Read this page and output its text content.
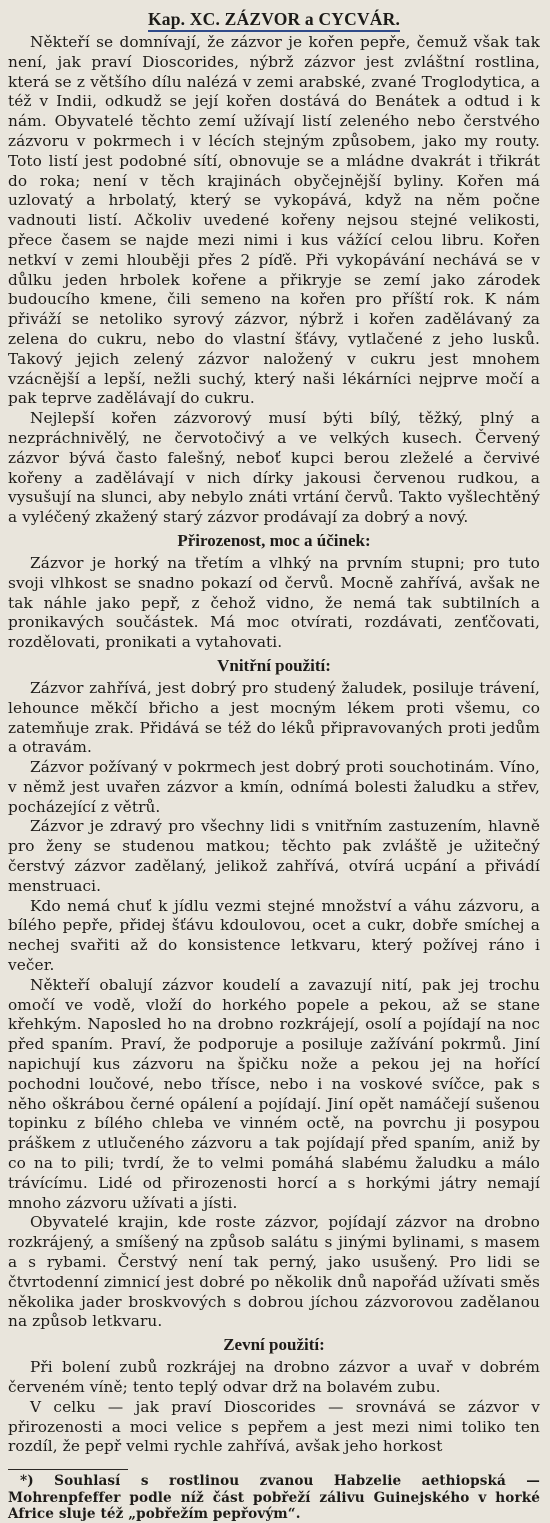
Kap. XC. ZÁZVOR a CYCVÁR.

Někteří se domnívají, že zázvor je kořen pepře, čemuž však tak není, jak praví Dioscorides, nýbrž zázvor jest zvláštní rostlina, která se z většího dílu nalézá v zemi arabské, zvané Troglodytica, a též v Indii, odkudž se její kořen dostává do Benátek a odtud i k nám. Obyvatelé těchto zemí užívají listí zeleného nebo čerstvého zázvoru v pokrmech i v lécích stejným způsobem, jako my routy. Toto listí jest podobné sítí, obnovuje se a mládne dvakrát i třikrát do roka; není v těch krajinách obyčejnější byliny. Kořen má uzlovatý a hrbolatý, který se vykopává, když na něm počne vadnouti listí. Ačkoliv uvedené kořeny nejsou stejné velikosti, přece časem se najde mezi nimi i kus vážící celou libru. Kořen netkví v zemi hlouběji přes 2 píďě. Při vykopávání nechává se v důlku jeden hrbolek kořene a přikryje se zemí jako zárodek budoucího kmene, čili semeno na kořen pro příští rok. K nám přiváží se netoliko syrový zázvor, nýbrž i kořen zadělávaný za zelena do cukru, nebo do vlastní šťávy, vytlačené z jeho lusků. Takový jejich zelený zázvor naložený v cukru jest mnohem vzácnější a lepší, nežli suchý, který naši lékárníci nejprve močí a pak teprve zadělávají do cukru.

Nejlepší kořen zázvorový musí býti bílý, těžký, plný a nezpráchnivělý, ne červotočivý a ve velkých kusech. Červený zázvor bývá často falešný, neboť kupci berou zleželé a červivé kořeny a zadělávají v nich dírky jakousi červenou rudkou, a vysušují na slunci, aby nebylo znáti vrtání červů. Takto vyšlechtěný a vyléčený zkažený starý zázvor prodávají za dobrý a nový.

Přirozenost, moc a účinek:

Zázvor je horký na třetím a vlhký na prvním stupni; pro tuto svoji vlhkost se snadno pokazí od červů. Mocně zahřívá, avšak ne tak náhle jako pepř, z čehož vidno, že nemá tak subtilních a pronikavých součástek. Má moc otvírati, rozdávati, zenťčovati, rozdělovati, pronikati a vytahovati.

Vnitřní použití:

Zázvor zahřívá, jest dobrý pro studený žaludek, posiluje trávení, lehounce měkčí břicho a jest mocným lékem proti všemu, co zatemňuje zrak. Přidává se též do léků připravovaných proti jedům a otravám.

Zázvor požívaný v pokrmech jest dobrý proti souchotinám. Víno, v němž jest uvařen zázvor a kmín, odnímá bolesti žaludku a střev, pocházející z větrů.

Zázvor je zdravý pro všechny lidi s vnitřním zastuzením, hlavně pro ženy se studenou matkou; těchto pak zvláště je užitečný čerstvý zázvor zadělaný, jelikož zahřívá, otvírá ucpání a přivádí menstruaci.

Kdo nemá chuť k jídlu vezmi stejné množství a váhu zázvoru, a bílého pepře, přidej šťávu kdoulovou, ocet a cukr, dobře smíchej a nechej svařiti až do konsistence letkvaru, který požívej ráno i večer.

Někteří obalují zázvor koudelí a zavazují nití, pak jej trochu omočí ve vodě, vloží do horkého popele a pekou, až se stane křehkým. Naposled ho na drobno rozkrájejí, osolí a pojídají na noc před spaním. Praví, že podporuje a posiluje zažívání pokrmů. Jiní napichují kus zázvoru na špičku nože a pekou jej na hořící pochodni loučové, nebo třísce, nebo i na voskové svíčce, pak s něho oškrábou černé opálení a pojídají. Jiní opět namáčejí sušenou topinku z bílého chleba ve vinném octě, na povrchu ji posypou práškem z utlučeného zázvoru a tak pojídají před spaním, aniž by co na to pili; tvrdí, že to velmi pomáhá slabému žaludku a málo trávícímu. Lidé od přirozenosti horcí a s horkými játry nemají mnoho zázvoru užívati a jísti.

Obyvatelé krajin, kde roste zázvor, pojídají zázvor na drobno rozkrájený, a smíšený na způsob salátu s jinými bylinami, s masem a s rybami. Čerstvý není tak perný, jako usušený. Pro lidi se čtvrtodenní zimnicí jest dobré po několik dnů napořád užívati směs několika jader broskvových s dobrou jíchou zázvorovou zadělanou na způsob letkvaru.

Zevní použití:

Při bolení zubů rozkrájej na drobno zázvor a uvař v dobrém červeném víně; tento teplý odvar drž na bolavém zubu.

V celku — jak praví Dioscorides — srovnává se zázvor v přirozenosti a moci velice s pepřem a jest mezi nimi toliko ten rozdíl, že pepř velmi rychle zahřívá, avšak jeho horkost

*) Souhlasí s rostlinou zvanou Habzelie aethiopská — Mohrenpfeffer podle níž část pobřeží zálivu Guinejského v horké Africe sluje též „pobřežím pepřovým“.
